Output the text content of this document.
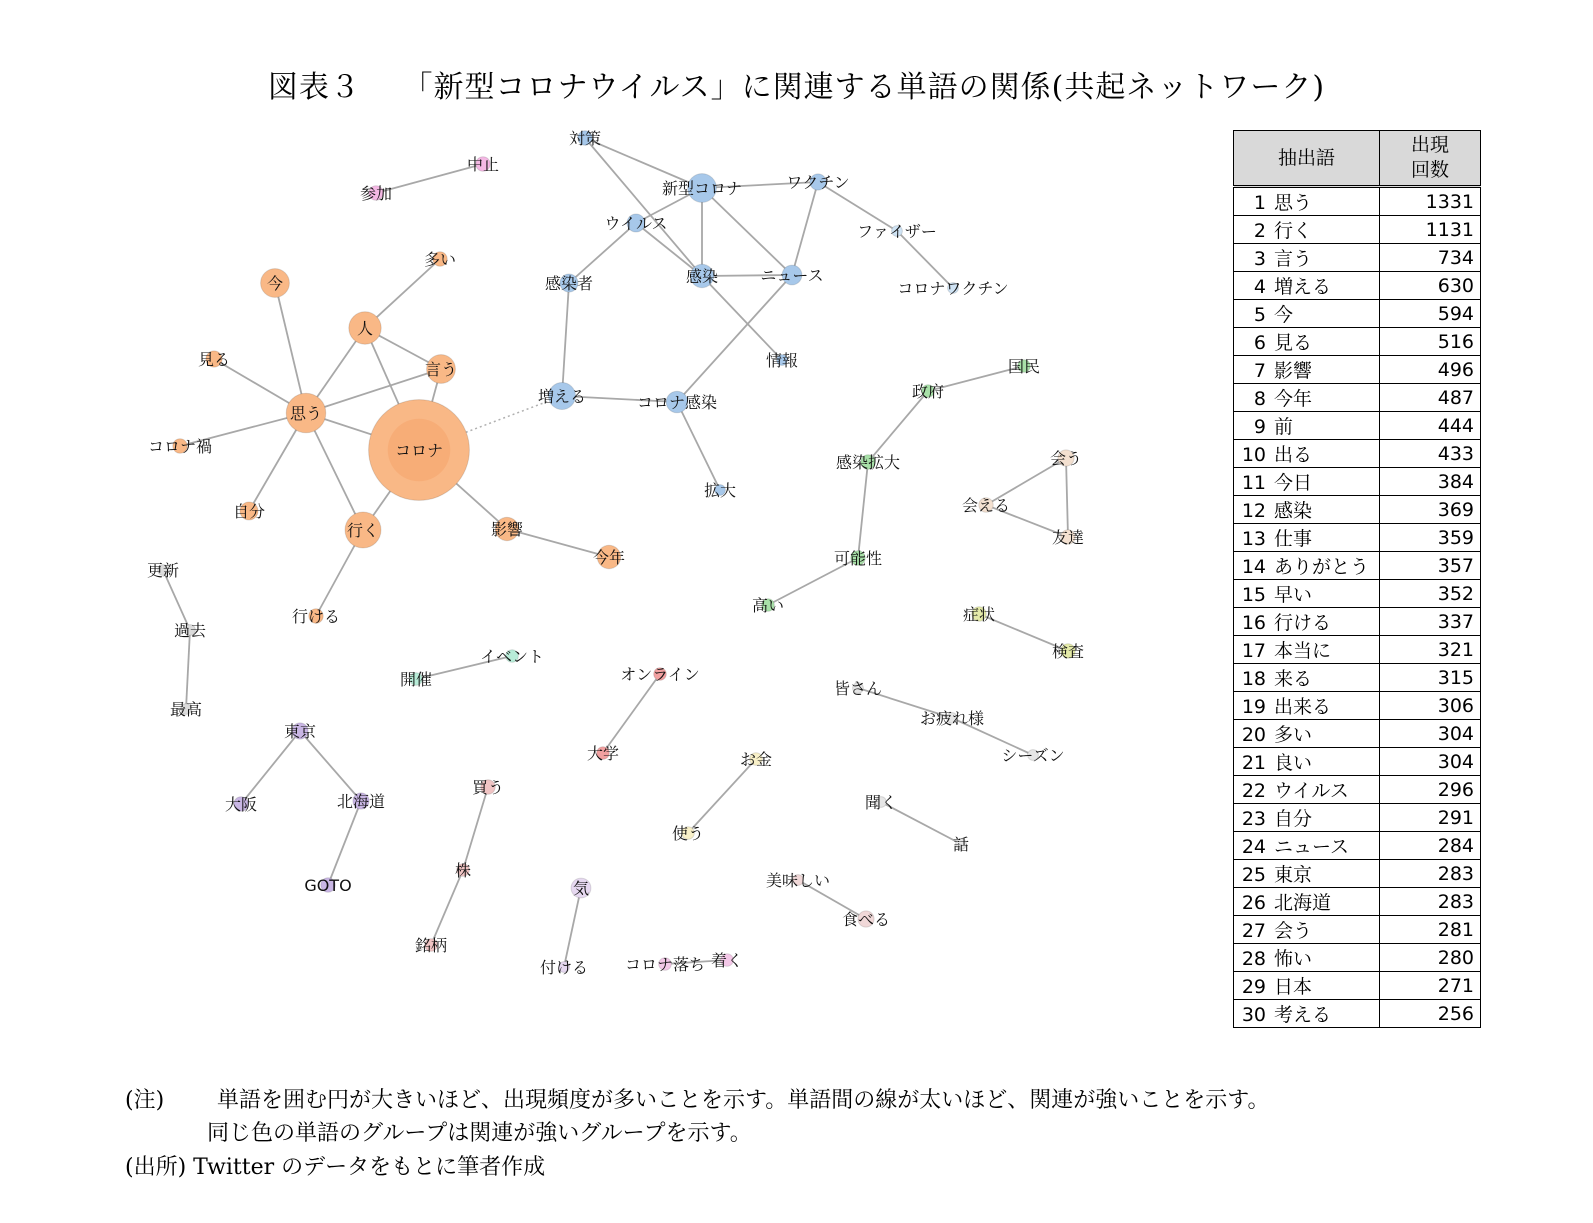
図表３　 「新型コロナウイルス」に関連する単語の関係(共起ネットワーク)
コロナ
思う
行く
人
言う
今
多い
見る
コロナ禍
自分
行ける
影響
今年
対策
新型コロナ	ワクチン
ウイルス
感染者	感染	ニュース
情報
増える	コロナ感染
拡大
ファイザー
コロナワクチン
中止
参加
政府
国民
感染拡大
可能性
高い
会う
会える
友達
症状
検査
皆さん
お疲れ様
シーズン
更新
過去
最高
イベント
開催	オンライン
大学
東京
大阪	北海道
GOTO
買う
株
銘柄
お金
使う
聞く
話
気
付ける
美味しい
食べる
コロナ落ち 着く
抽出語	出現
回数
1 思う	1331
2 行く	1131
3 言う	734
4 増える	630
5 今	594
6 見る	516
7 影響	496
8 今年	487
9 前	444
10 出る	433
11 今日	384
12 感染	369
13 仕事	359
14 ありがとう	357
15 早い	352
16 行ける	337
17 本当に	321
18 来る	315
19 出来る	306
20 多い	304
21 良い	304
22 ウイルス	296
23 自分	291
24 ニュース	284
25 東京	283
26 北海道	283
27 会う	281
28 怖い	280
29 日本	271
30 考える	256
(注) 単語を囲む円が大きいほど、出現頻度が多いことを示す。単語間の線が太いほど、関連が強いことを示す。
同じ色の単語のグループは関連が強いグループを示す。
(出所) Twitter のデータをもとに筆者作成
